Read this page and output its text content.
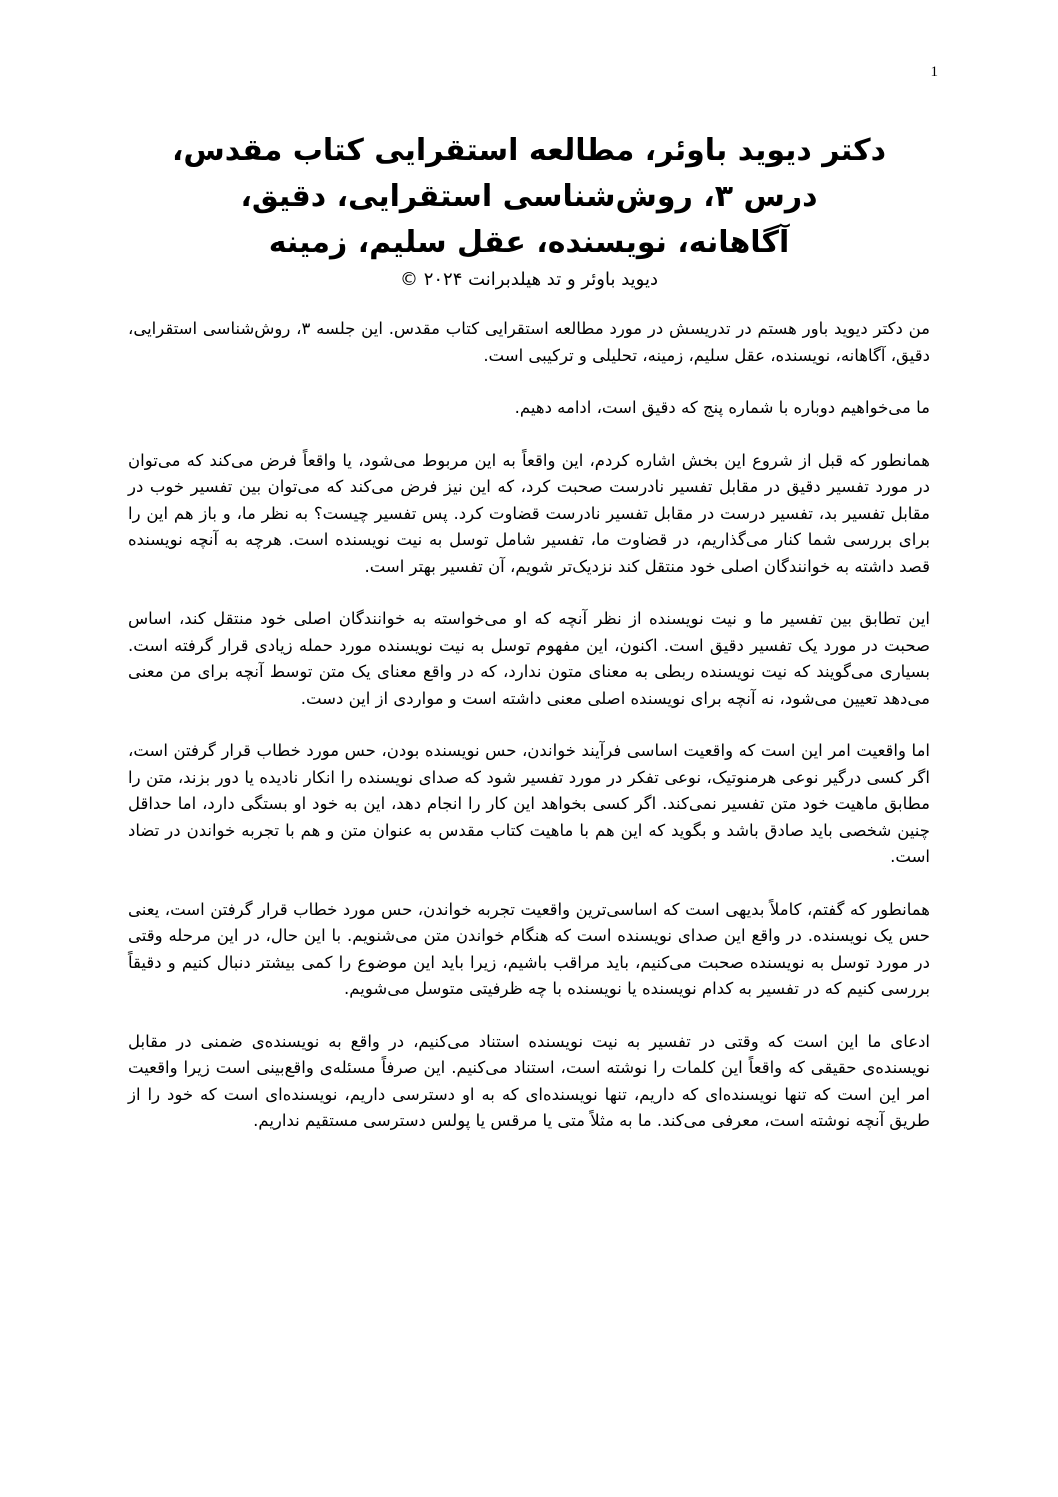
1
دکتر دیوید باوئر، مطالعه استقرایی کتاب مقدس،
درس ۳، روش‌شناسی استقرایی، دقیق،
آگاهانه، نویسنده، عقل سلیم، زمینه
دیوید باوئر و تد هیلدبرانت ۲۰۲۴ ©

من دکتر دیوید باور هستم در تدریسش در مورد مطالعه استقرایی کتاب مقدس. این جلسه ۳، روش‌شناسی استقرایی، دقیق، آگاهانه، نویسنده، عقل سلیم، زمینه، تحلیلی و ترکیبی است.

ما می‌خواهیم دوباره با شماره پنج که دقیق است، ادامه دهیم.

همانطور که قبل از شروع این بخش اشاره کردم، این واقعاً به این مربوط می‌شود، یا واقعاً فرض می‌کند که می‌توان در مورد تفسیر دقیق در مقابل تفسیر نادرست صحبت کرد، که این نیز فرض می‌کند که می‌توان بین تفسیر خوب در مقابل تفسیر بد، تفسیر درست در مقابل تفسیر نادرست قضاوت کرد. پس تفسیر چیست؟ به نظر ما، و باز هم این را برای بررسی شما کنار می‌گذاریم، در قضاوت ما، تفسیر شامل توسل به نیت نویسنده است. هرچه به آنچه نویسنده قصد داشته به خوانندگان اصلی خود منتقل کند نزدیک‌تر شویم، آن تفسیر بهتر است.

این تطابق بین تفسیر ما و نیت نویسنده از نظر آنچه که او می‌خواسته به خوانندگان اصلی خود منتقل کند، اساس صحبت در مورد یک تفسیر دقیق است. اکنون، این مفهوم توسل به نیت نویسنده مورد حمله زیادی قرار گرفته است. بسیاری می‌گویند که نیت نویسنده ربطی به معنای متون ندارد، که در واقع معنای یک متن توسط آنچه برای من معنی می‌دهد تعیین می‌شود، نه آنچه برای نویسنده اصلی معنی داشته است و مواردی از این دست.

اما واقعیت امر این است که واقعیت اساسی فرآیند خواندن، حس نویسنده بودن، حس مورد خطاب قرار گرفتن است، اگر کسی درگیر نوعی هرمنوتیک، نوعی تفکر در مورد تفسیر شود که صدای نویسنده را انکار نادیده یا دور بزند، متن را مطابق ماهیت خود متن تفسیر نمی‌کند. اگر کسی بخواهد این کار را انجام دهد، این به خود او بستگی دارد، اما حداقل چنین شخصی باید صادق باشد و بگوید که این هم با ماهیت کتاب مقدس به عنوان متن و هم با تجربه خواندن در تضاد است.

همانطور که گفتم، کاملاً بدیهی است که اساسی‌ترین واقعیت تجربه خواندن، حس مورد خطاب قرار گرفتن است، یعنی حس یک نویسنده. در واقع این صدای نویسنده است که هنگام خواندن متن می‌شنویم. با این حال، در این مرحله وقتی در مورد توسل به نویسنده صحبت می‌کنیم، باید مراقب باشیم، زیرا باید این موضوع را کمی بیشتر دنبال کنیم و دقیقاً بررسی کنیم که در تفسیر به کدام نویسنده یا نویسنده با چه ظرفیتی متوسل می‌شویم.

ادعای ما این است که وقتی در تفسیر به نیت نویسنده استناد می‌کنیم، در واقع به نویسنده‌ی ضمنی در مقابل نویسنده‌ی حقیقی که واقعاً این کلمات را نوشته است، استناد می‌کنیم. این صرفاً مسئله‌ی واقع‌بینی است زیرا واقعیت امر این است که تنها نویسنده‌ای که داریم، تنها نویسنده‌ای که به او دسترسی داریم، نویسنده‌ای است که خود را از طریق آنچه نوشته است، معرفی می‌کند. ما به مثلاً متی یا مرقس یا پولس دسترسی مستقیم نداریم.
